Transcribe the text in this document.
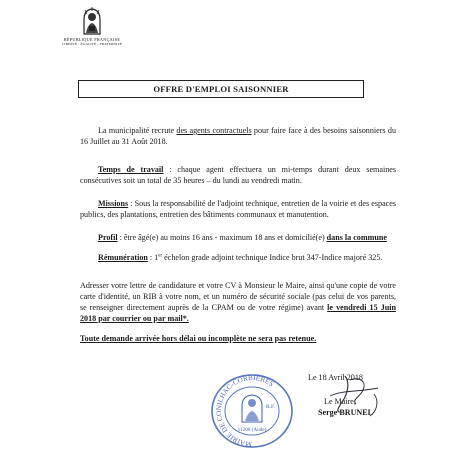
RÉPUBLIQUE FRANÇAISE
LIBERTÉ - ÉGALITÉ - FRATERNITÉ
OFFRE D'EMPLOI SAISONNIER

La municipalité recrute des agents contractuels pour faire face à des besoins saisonniers du 16 Juillet au 31 Août 2018.

Temps de travail : chaque agent effectuera un mi-temps durant deux semaines consécutives soit un total de 35 heures – du lundi au vendredi matin.

Missions : Sous la responsabilité de l'adjoint technique, entretien de la voirie et des espaces publics, des plantations, entretien des bâtiments communaux et manutention.

Profil : être âgé(e) au moins 16 ans - maximum 18 ans et domicilié(e) dans la commune

Rémunération : 1er échelon grade adjoint technique Indice brut 347-Indice majoré 325.

Adresser votre lettre de candidature et votre CV à Monsieur le Maire, ainsi qu'une copie de votre carte d'identité, un RIB à votre nom, et un numéro de sécurité sociale (pas celui de vos parents, se renseigner directement auprès de la CPAM ou de votre régime) avant le vendredi 15 Juin 2018 par courrier ou par mail*.

Toute demande arrivée hors délai ou incomplète ne sera pas retenue.

MAIRIE DE CONILHAC-CORBIÈRES
R.F.
11200 (Aude)
Le 18 Avril 2018
Le Maire,
Serge BRUNEL
